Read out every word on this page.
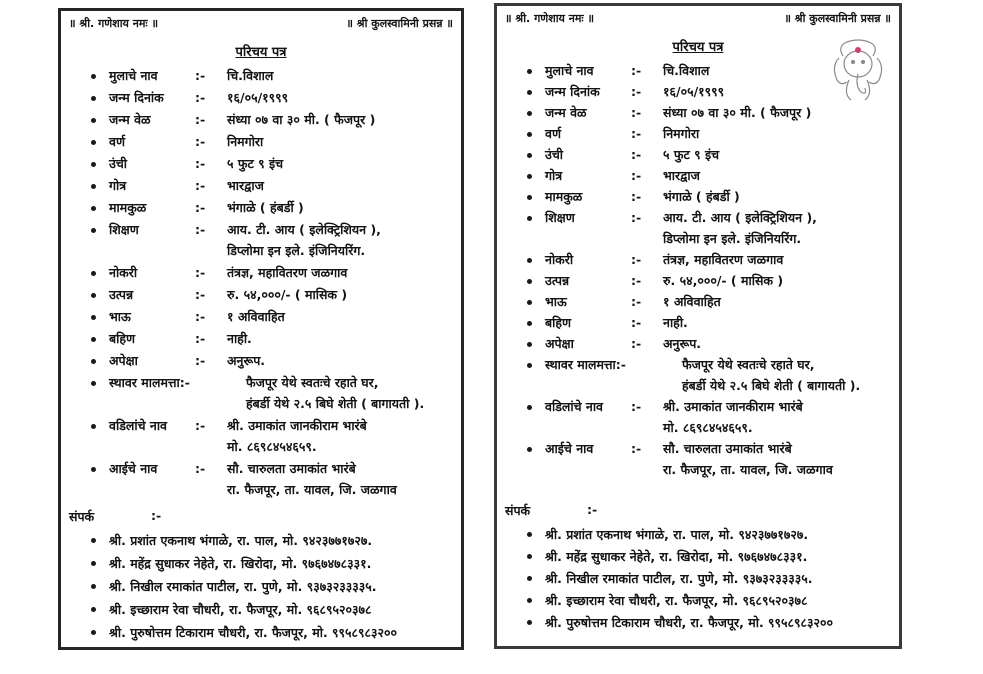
॥ श्री. गणेशाय नमः ॥	॥ श्री कुलस्वामिनी प्रसन्न ॥
परिचय पत्र
मुलाचे नाव	:- चि.विशाल
जन्म दिनांक	:- १६/०५/१९९९
जन्म वेळ	:- संध्या ०७ वा ३० मी. ( फैजपूर )
वर्ण	:- निमगोरा
उंची	:- ५ फुट ९ इंच
गोत्र	:- भारद्वाज
मामकुळ	:- भंगाळे ( हंबर्डी )
शिक्षण	:- आय. टी. आय ( इलेक्ट्रिशियन ),
डिप्लोमा इन इले. इंजिनियरिंग.
नोकरी	:- तंत्रज्ञ, महावितरण जळगाव
उत्पन्न	:- रु. ५४,०००/- ( मासिक )
भाऊ	:- १ अविवाहित
बहिण	:- नाही.
अपेक्षा	:- अनुरूप.
स्थावर मालमत्ता:-	फैजपूर येथे स्वतःचे रहाते घर,
हंबर्डी येथे २.५ बिघे शेती ( बागायती ).
वडिलांचे नाव :- श्री. उमाकांत जानकीराम भारंबे
मो. ८६९८४५४६५९.
आईचे नाव	:- सौ. चारुलता उमाकांत भारंबे
रा. फैजपूर, ता. यावल, जि. जळगाव
संपर्क	:-
श्री. प्रशांत एकनाथ भंगाळे, रा. पाल, मो. ९४२३७७१७२७.
श्री. महेंद्र सुधाकर नेहेते, रा. खिरोदा, मो. ९७६७४७८३३१.
श्री. निखील रमाकांत पाटील, रा. पुणे, मो. ९३७३२३३३३५.
श्री. इच्छाराम रेवा चौधरी, रा. फैजपूर, मो. ९६८९५२०३७८
श्री. पुरुषोत्तम टिकाराम चौधरी, रा. फैजपूर, मो. ९९५८९८३२००
॥ श्री. गणेशाय नमः ॥	॥ श्री कुलस्वामिनी प्रसन्न ॥
परिचय पत्र
मुलाचे नाव	:- चि.विशाल
जन्म दिनांक	:- १६/०५/१९९९
जन्म वेळ	:- संध्या ०७ वा ३० मी. ( फैजपूर )
वर्ण	:- निमगोरा
उंची	:- ५ फुट ९ इंच
गोत्र	:- भारद्वाज
मामकुळ	:- भंगाळे ( हंबर्डी )
शिक्षण	:- आय. टी. आय ( इलेक्ट्रिशियन ),
डिप्लोमा इन इले. इंजिनियरिंग.
नोकरी	:- तंत्रज्ञ, महावितरण जळगाव
उत्पन्न	:- रु. ५४,०००/- ( मासिक )
भाऊ	:- १ अविवाहित
बहिण	:- नाही.
अपेक्षा	:- अनुरूप.
स्थावर मालमत्ता:-	फैजपूर येथे स्वतःचे रहाते घर,
हंबर्डी येथे २.५ बिघे शेती ( बागायती ).
वडिलांचे नाव :- श्री. उमाकांत जानकीराम भारंबे
मो. ८६९८४५४६५९.
आईचे नाव	:- सौ. चारुलता उमाकांत भारंबे
रा. फैजपूर, ता. यावल, जि. जळगाव
संपर्क	:-
श्री. प्रशांत एकनाथ भंगाळे, रा. पाल, मो. ९४२३७७१७२७.
श्री. महेंद्र सुधाकर नेहेते, रा. खिरोदा, मो. ९७६७४७८३३१.
श्री. निखील रमाकांत पाटील, रा. पुणे, मो. ९३७३२३३३३५.
श्री. इच्छाराम रेवा चौधरी, रा. फैजपूर, मो. ९६८९५२०३७८
श्री. पुरुषोत्तम टिकाराम चौधरी, रा. फैजपूर, मो. ९९५८९८३२००
